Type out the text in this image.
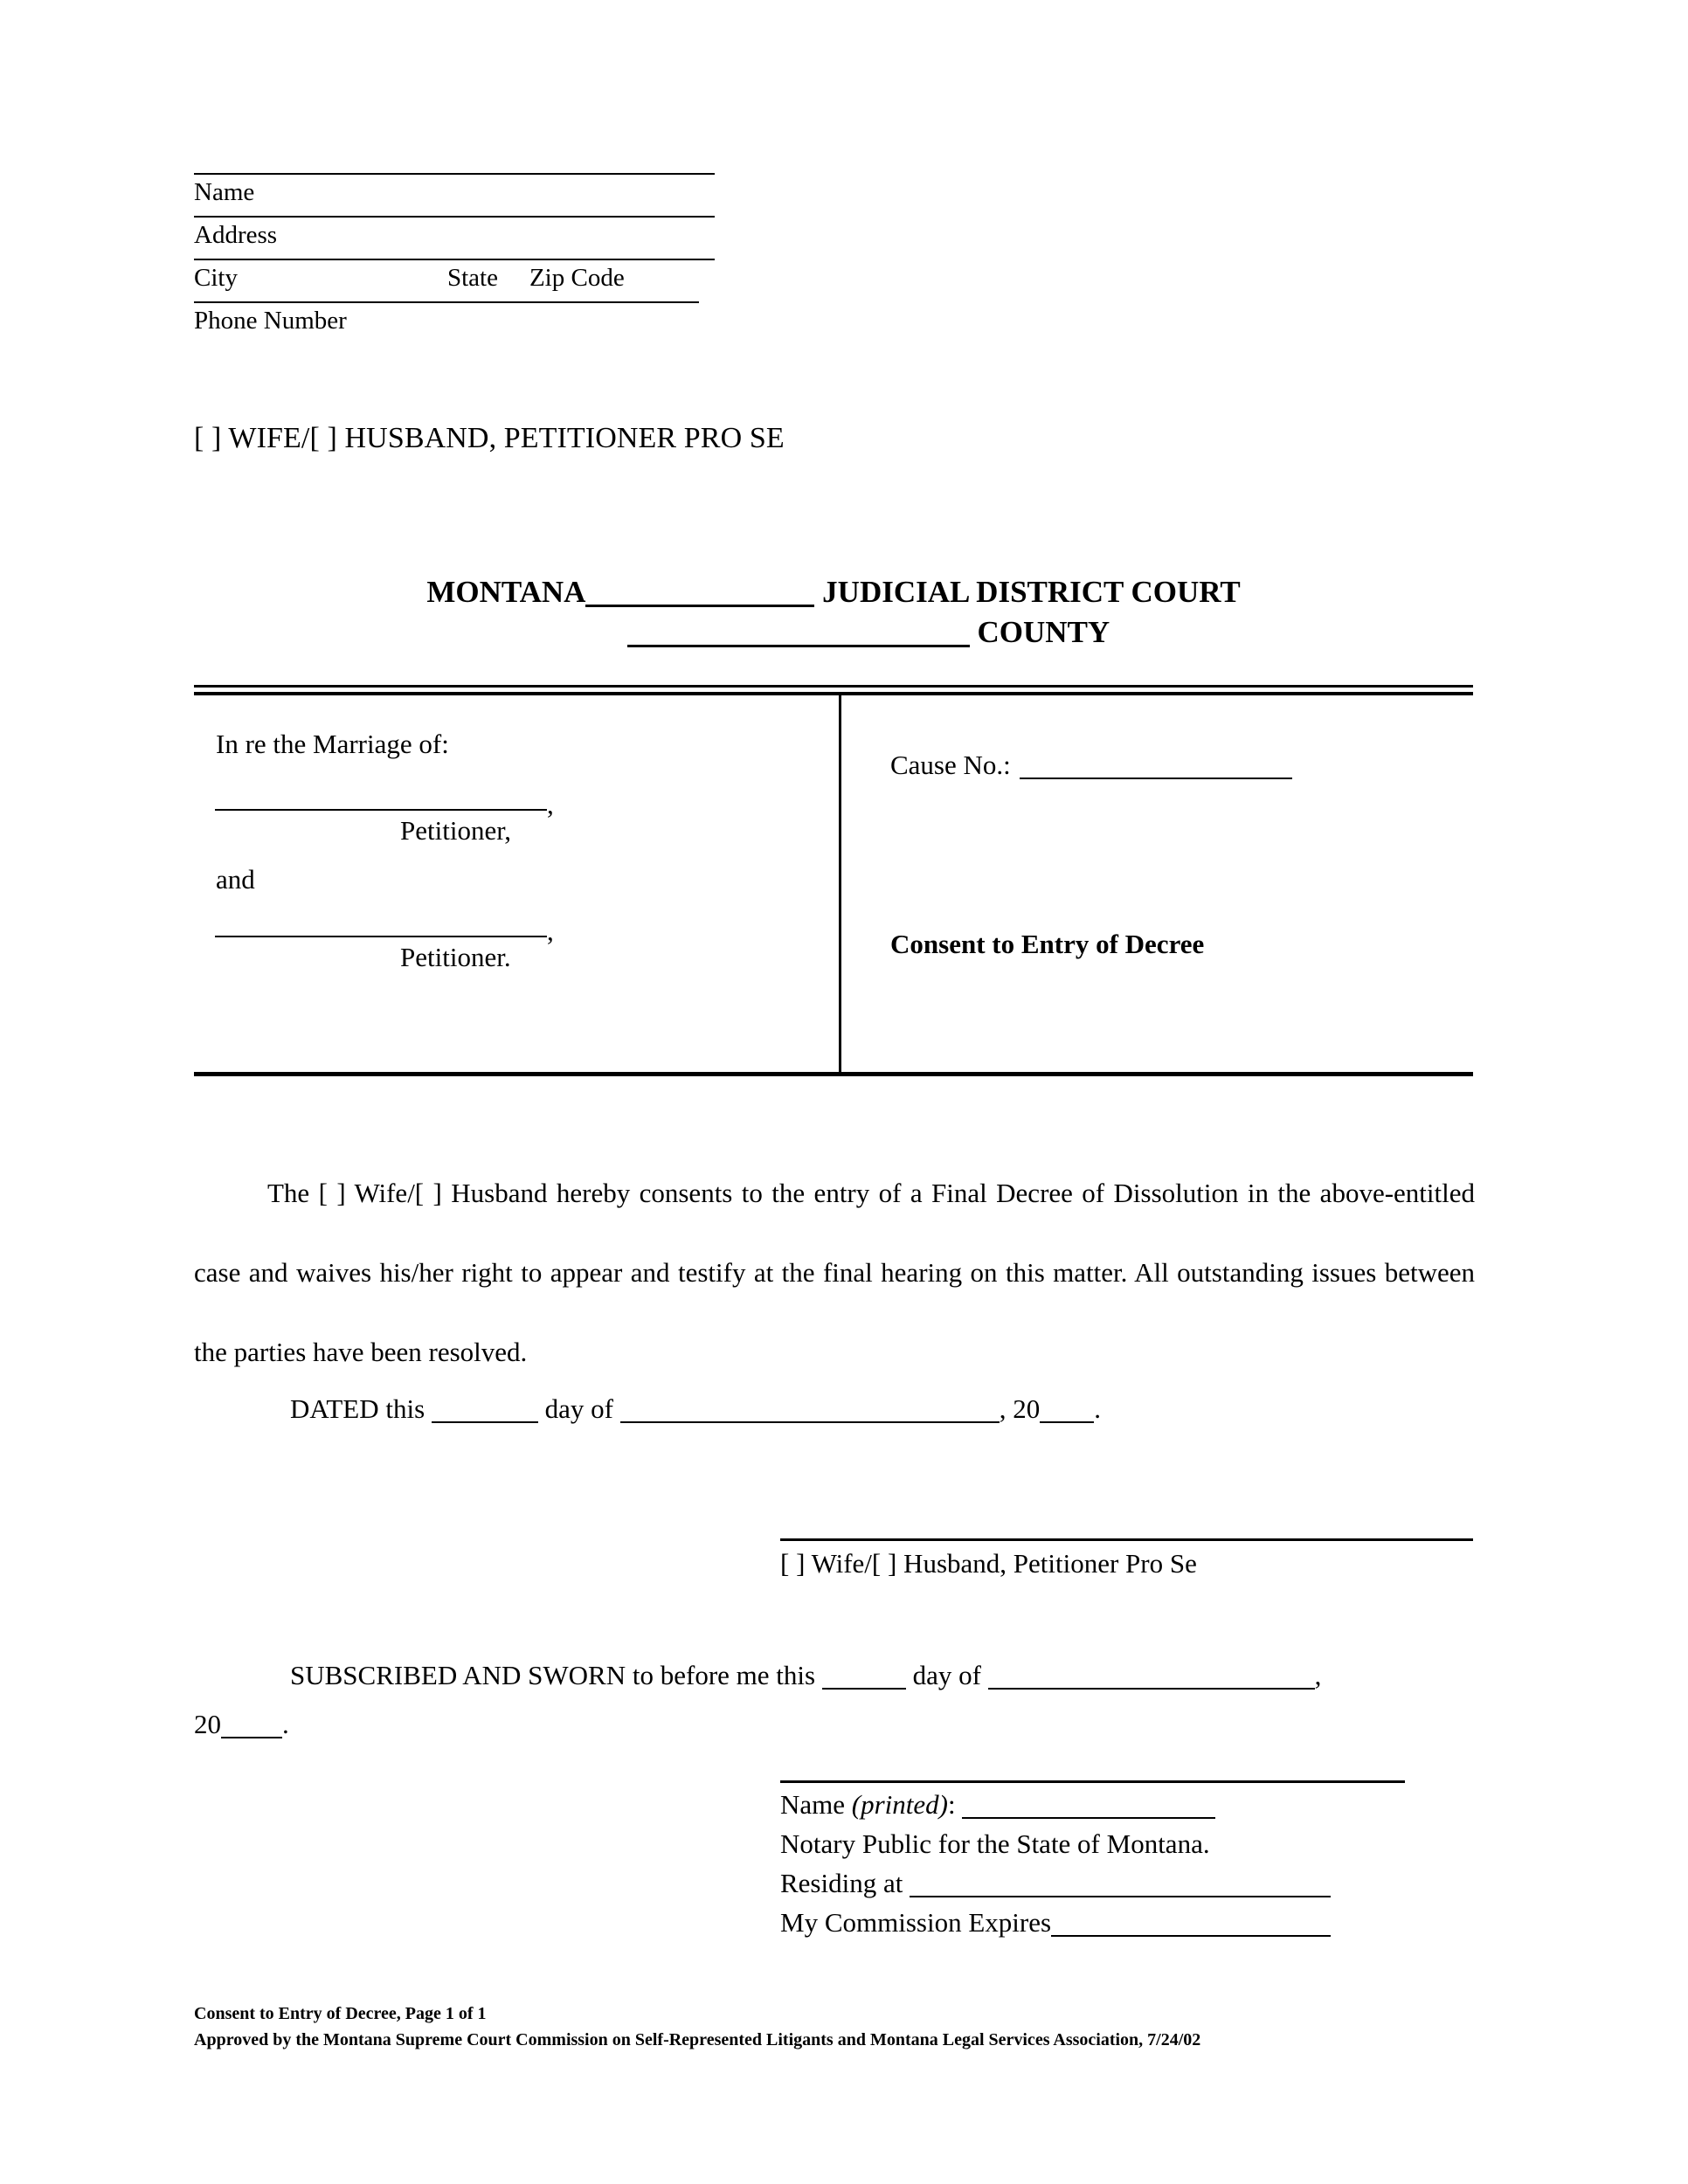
Name
Address
City	State Zip Code
Phone Number
[ ] WIFE/[ ] HUSBAND, PETITIONER PRO SE
MONTANA	JUDICIAL DISTRICT COURT
COUNTY
In re the Marriage of:
,
Petitioner,
and
,
Petitioner.
Cause No.:
Consent to Entry of Decree
The [ ] Wife/[ ] Husband hereby consents to the entry of a Final Decree of Dissolution in the above-entitled case and waives his/her right to appear and testify at the final hearing on this matter. All outstanding issues between the parties have been resolved.
DATED this	day of	, 20 .
[ ] Wife/[ ] Husband, Petitioner Pro Se
SUBSCRIBED AND SWORN to before me this	day of	,
20 .
Name (printed):
Notary Public for the State of Montana.
Residing at
My Commission Expires
Consent to Entry of Decree, Page 1 of 1
Approved by the Montana Supreme Court Commission on Self-Represented Litigants and Montana Legal Services Association, 7/24/02
